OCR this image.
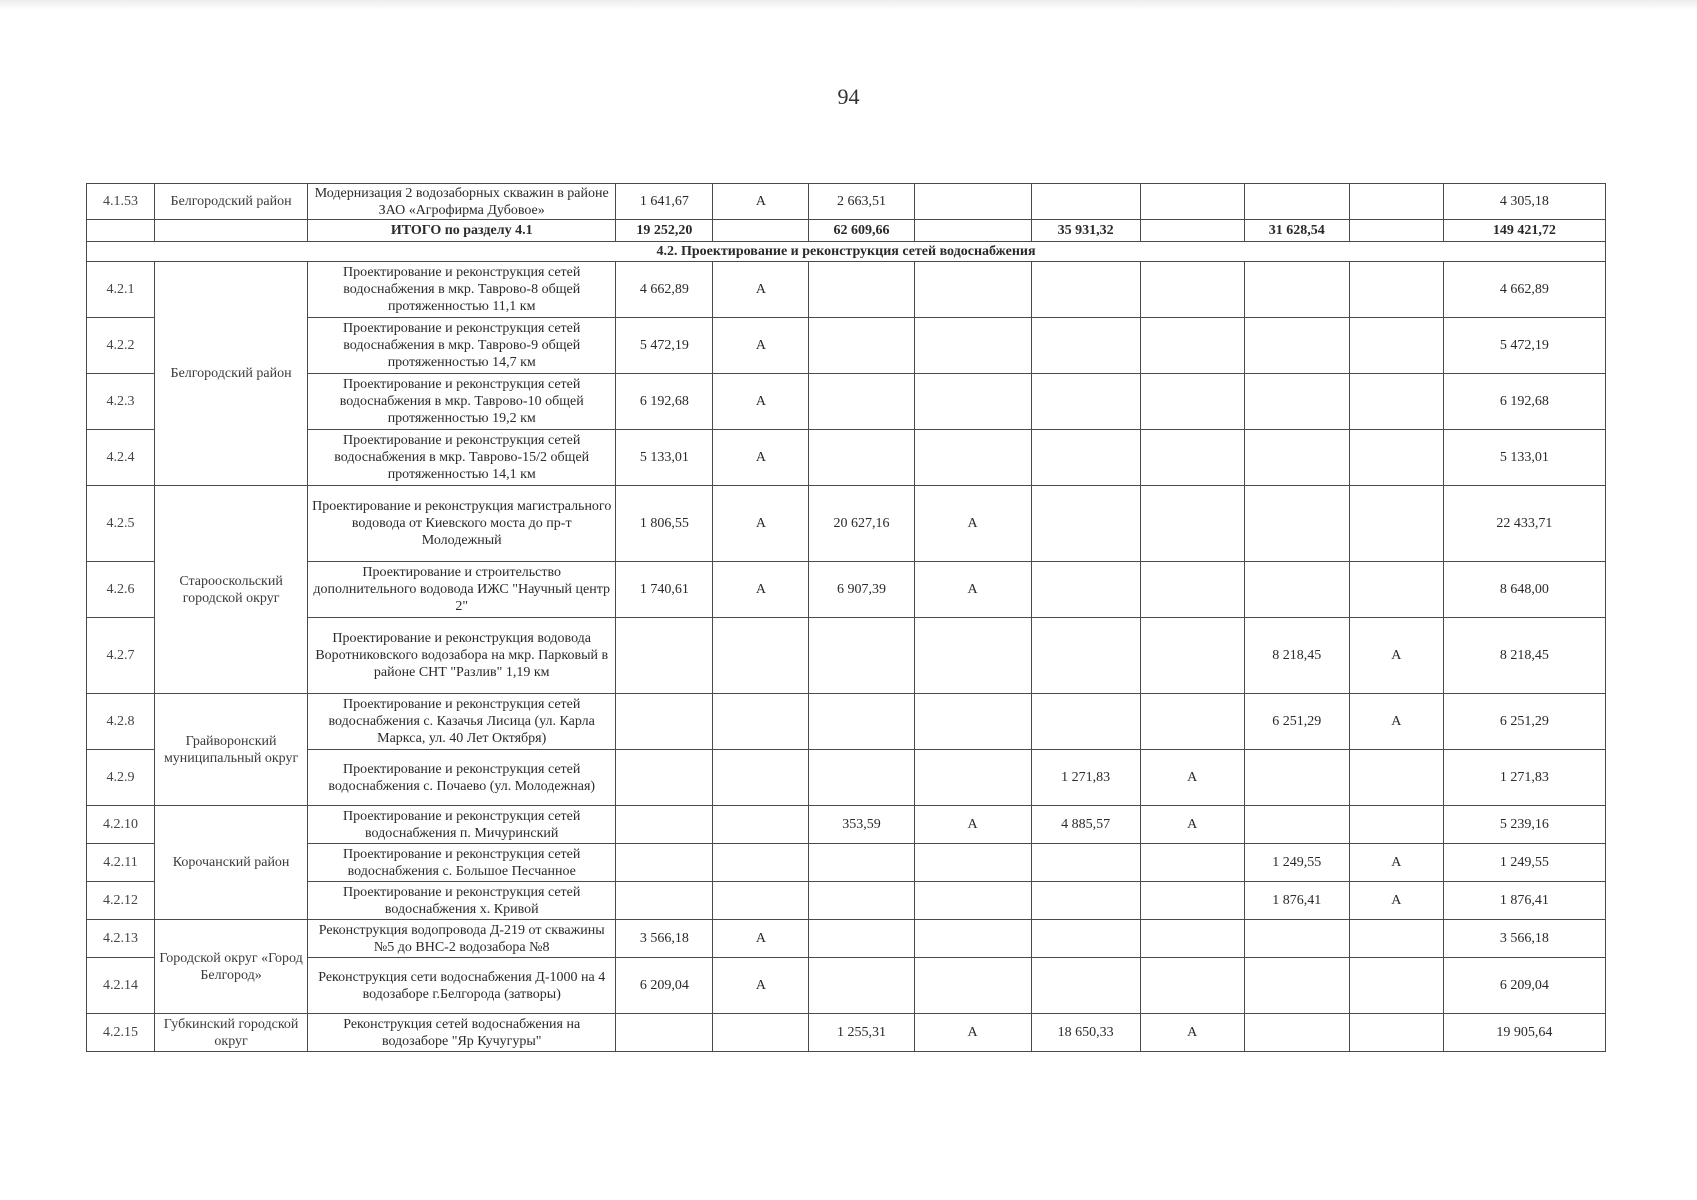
94
4.1.53	Белгородский район	Модернизация 2 водозаборных скважин в районе ЗАО «Агрофирма Дубовое»	1 641,67	А	2 663,51						4 305,18
		ИТОГО по разделу 4.1	19 252,20		62 609,66		35 931,32		31 628,54		149 421,72
4.2. Проектирование и реконструкция сетей водоснабжения											
4.2.1	Белгородский район	Проектирование и реконструкция сетей водоснабжения в мкр. Таврово-8 общей протяженностью 11,1 км	4 662,89	А							4 662,89
4.2.2		Проектирование и реконструкция сетей водоснабжения в мкр. Таврово-9 общей протяженностью 14,7 км	5 472,19	А							5 472,19
4.2.3		Проектирование и реконструкция сетей водоснабжения в мкр. Таврово-10 общей протяженностью 19,2 км	6 192,68	А							6 192,68
4.2.4		Проектирование и реконструкция сетей водоснабжения в мкр. Таврово-15/2 общей протяженностью 14,1 км	5 133,01	А							5 133,01
4.2.5	Старооскольский городской округ	Проектирование и реконструкция магистрального водовода от Киевского моста до пр-т Молодежный	1 806,55	А	20 627,16	А					22 433,71
4.2.6		Проектирование и строительство дополнительного водовода ИЖС "Научный центр 2"	1 740,61	А	6 907,39	А					8 648,00
4.2.7		Проектирование и реконструкция водовода Воротниковского водозабора на мкр. Парковый в районе СНТ "Разлив" 1,19 км							8 218,45	А	8 218,45
4.2.8	Грайворонский муниципальный округ	Проектирование и реконструкция сетей водоснабжения с. Казачья Лисица (ул. Карла Маркса, ул. 40 Лет Октября)							6 251,29	А	6 251,29
4.2.9		Проектирование и реконструкция сетей водоснабжения с. Почаево (ул. Молодежная)					1 271,83	А			1 271,83
4.2.10	Корочанский район	Проектирование и реконструкция сетей водоснабжения п. Мичуринский			353,59	А	4 885,57	А			5 239,16
4.2.11		Проектирование и реконструкция сетей водоснабжения с. Большое Песчанное							1 249,55	А	1 249,55
4.2.12		Проектирование и реконструкция сетей водоснабжения х. Кривой							1 876,41	А	1 876,41
4.2.13	Городской округ «Город Белгород»	Реконструкция водопровода Д-219 от скважины №5 до ВНС-2 водозабора №8	3 566,18	А							3 566,18
4.2.14		Реконструкция сети водоснабжения Д-1000 на 4 водозаборе г.Белгорода (затворы)	6 209,04	А							6 209,04
4.2.15	Губкинский городской округ	Реконструкция сетей водоснабжения на водозаборе "Яр Кучугуры"			1 255,31	А	18 650,33	А			19 905,64
